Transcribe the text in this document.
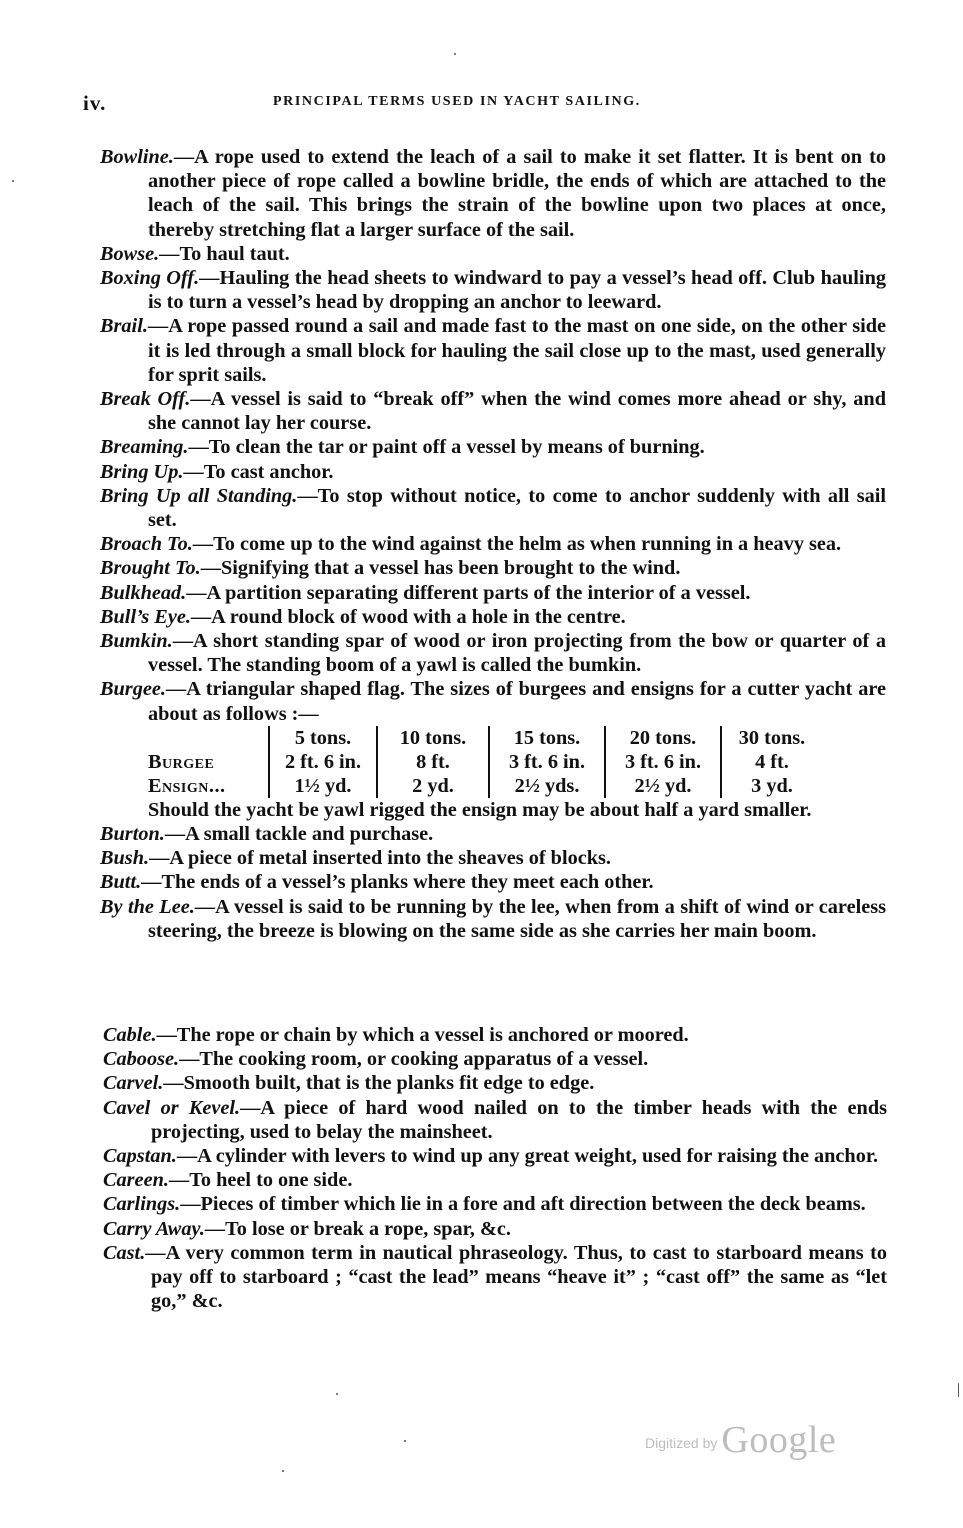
iv.	PRINCIPAL TERMS USED IN YACHT SAILING.

Bowline.—A rope used to extend the leach of a sail to make it set flatter. It is bent on to another piece of rope called a bowline bridle, the ends of which are attached to the leach of the sail. This brings the strain of the bowline upon two places at once, thereby stretching flat a larger surface of the sail.

Bowse.—To haul taut.

Boxing Off.—Hauling the head sheets to windward to pay a vessel’s head off. Club hauling is to turn a vessel’s head by dropping an anchor to leeward.

Brail.—A rope passed round a sail and made fast to the mast on one side, on the other side it is led through a small block for hauling the sail close up to the mast, used generally for sprit sails.

Break Off.—A vessel is said to “break off” when the wind comes more ahead or shy, and she cannot lay her course.

Breaming.—To clean the tar or paint off a vessel by means of burning.

Bring Up.—To cast anchor.

Bring Up all Standing.—To stop without notice, to come to anchor suddenly with all sail set.

Broach To.—To come up to the wind against the helm as when running in a heavy sea.

Brought To.—Signifying that a vessel has been brought to the wind.

Bulkhead.—A partition separating different parts of the interior of a vessel.

Bull’s Eye.—A round block of wood with a hole in the centre.

Bumkin.—A short standing spar of wood or iron projecting from the bow or quarter of a vessel. The standing boom of a yawl is called the bumkin.

Burgee.—A triangular shaped flag. The sizes of burgees and ensigns for a cutter yacht are about as follows :—

	5 tons.	10 tons.	15 tons.	20 tons.	30 tons.
Burgee	2 ft. 6 in.	8 ft.	3 ft. 6 in.	3 ft. 6 in.	4 ft.
Ensign...	1½ yd.	2 yd.	2½ yds.	2½ yd.	3 yd.

Should the yacht be yawl rigged the ensign may be about half a yard smaller.

Burton.—A small tackle and purchase.

Bush.—A piece of metal inserted into the sheaves of blocks.

Butt.—The ends of a vessel’s planks where they meet each other.

By the Lee.—A vessel is said to be running by the lee, when from a shift of wind or careless steering, the breeze is blowing on the same side as she carries her main boom.

Cable.—The rope or chain by which a vessel is anchored or moored.

Caboose.—The cooking room, or cooking apparatus of a vessel.

Carvel.—Smooth built, that is the planks fit edge to edge.

Cavel or Kevel.—A piece of hard wood nailed on to the timber heads with the ends projecting, used to belay the mainsheet.

Capstan.—A cylinder with levers to wind up any great weight, used for raising the anchor.

Careen.—To heel to one side.

Carlings.—Pieces of timber which lie in a fore and aft direction between the deck beams.

Carry Away.—To lose or break a rope, spar, &c.

Cast.—A very common term in nautical phraseology. Thus, to cast to starboard means to pay off to starboard ; “cast the lead” means “heave it” ; “cast off” the same as “let go,” &c.

Digitized by Google
